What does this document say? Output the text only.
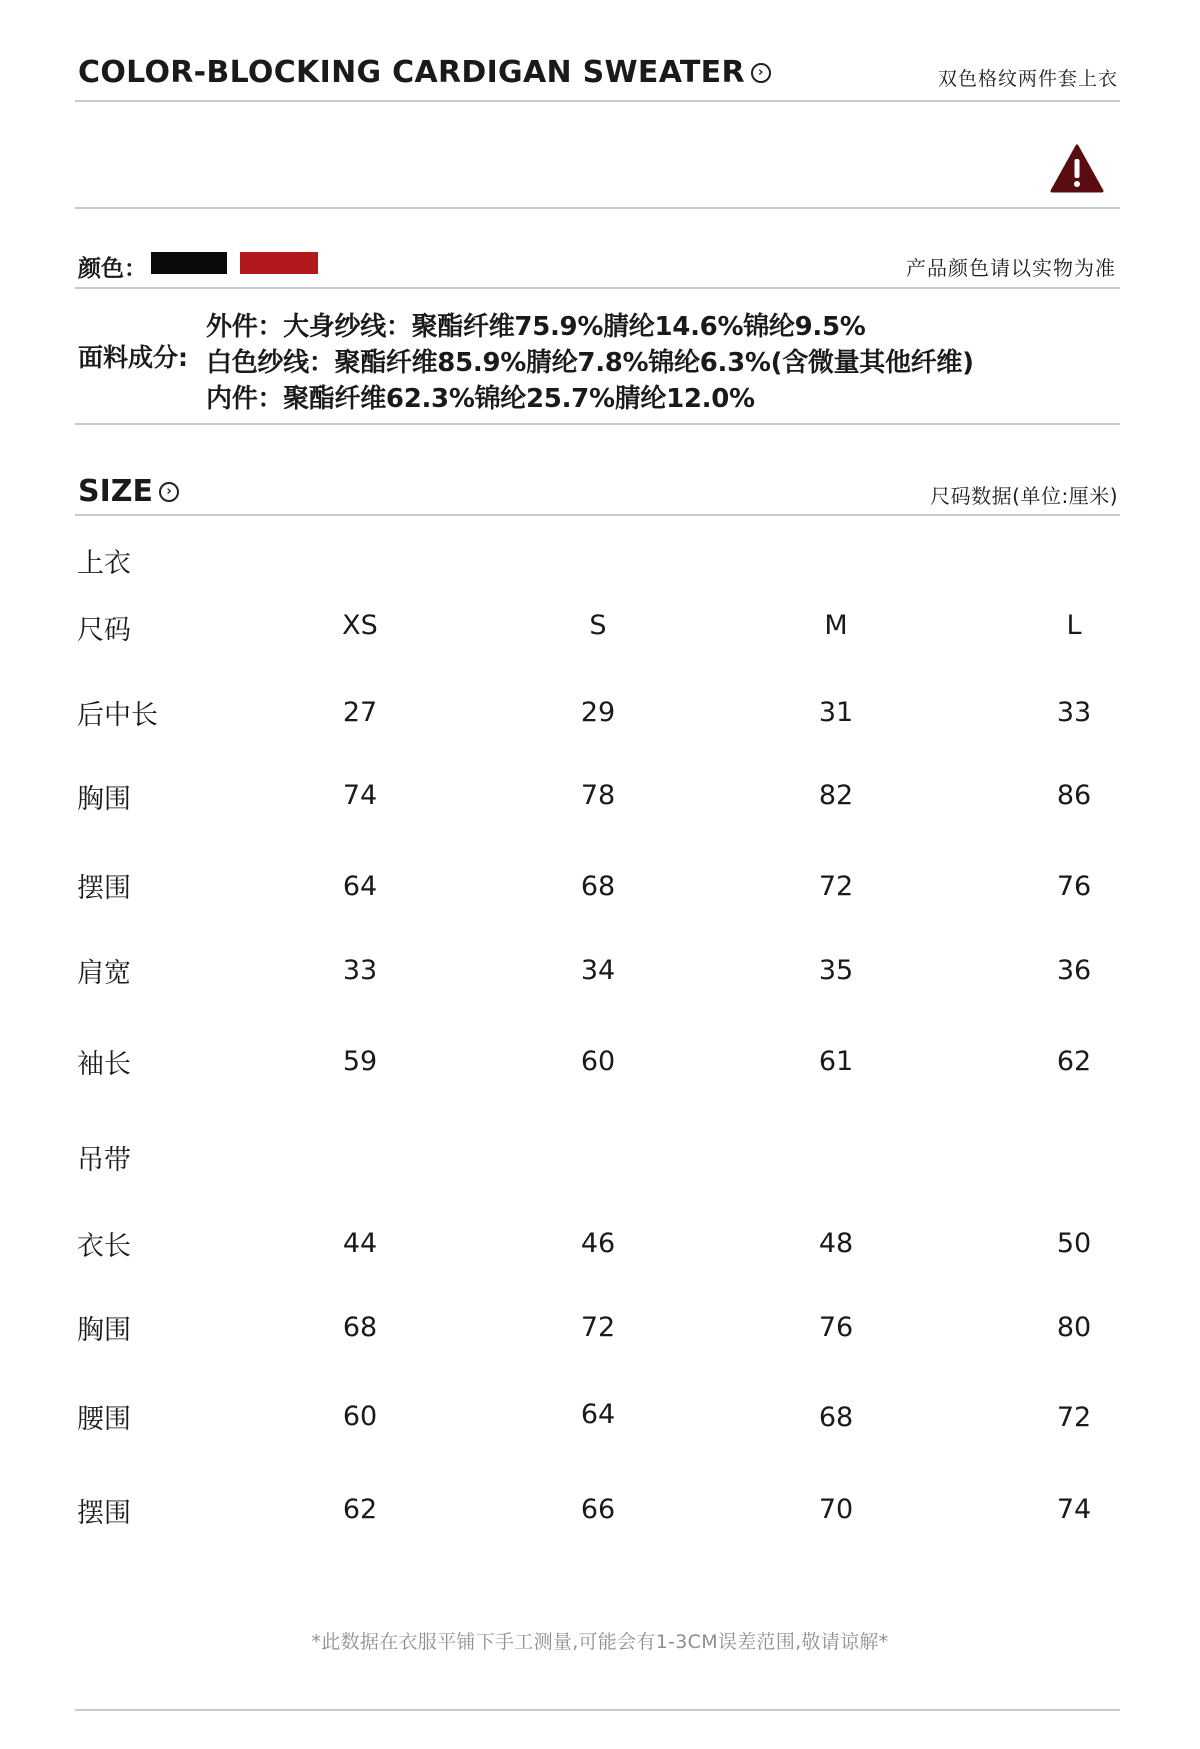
COLOR-BLOCKING CARDIGAN SWEATER	›	双色格纹两件套上衣
颜色：	产品颜色请以实物为准
面料成分:
外件：大身纱线：聚酯纤维75.9%腈纶14.6%锦纶9.5%
白色纱线：聚酯纤维85.9%腈纶7.8%锦纶6.3%(含微量其他纤维)
内件：聚酯纤维62.3%锦纶25.7%腈纶12.0%
SIZE	›	尺码数据(单位:厘米)
上衣
尺码	XS	S	M	L
后中长	27	29	31	33
胸围	74	78	82	86
摆围	64	68	72	76
肩宽	33	34	35	36
袖长	59	60	61	62
吊带
衣长	44	46	48	50
胸围	68	72	76	80
腰围	60	64	68	72
摆围	62	66	70	74
*此数据在衣服平铺下手工测量,可能会有1-3CM误差范围,敬请谅解*
